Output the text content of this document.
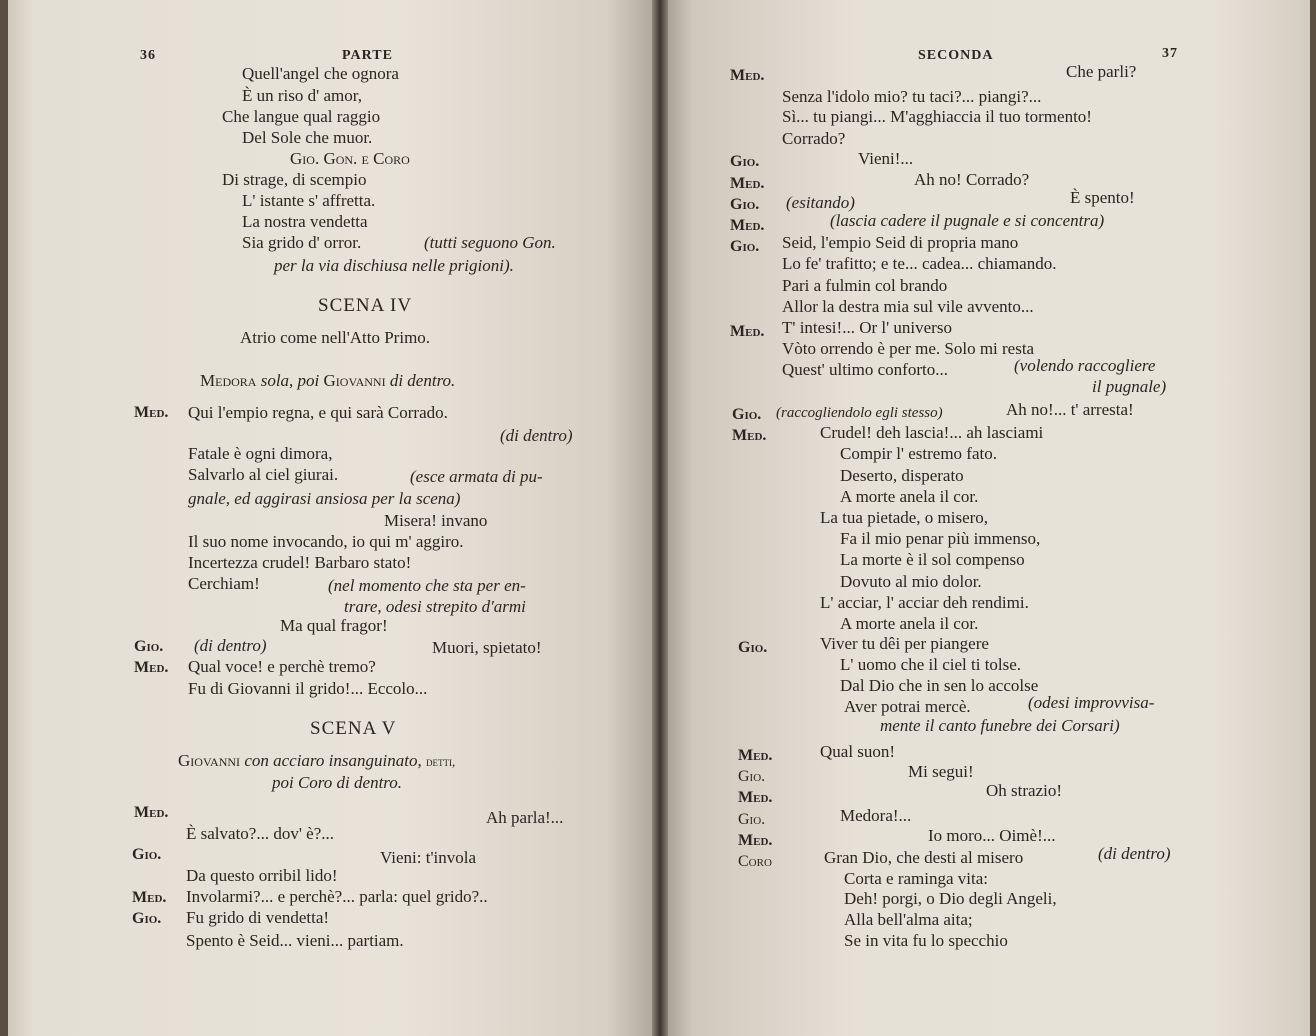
36	PARTE
Quell'angel che ognora
È un riso d' amor,
Che langue qual raggio
Del Sole che muor.
Gio. Gon. e Coro
Di strage, di scempio
L' istante s' affretta.
La nostra vendetta
Sia grido d' orror.	(tutti seguono Gon.
per la via dischiusa nelle prigioni).
SCENA IV
Atrio come nell'Atto Primo.
Medora sola, poi Giovanni di dentro.
Med. Qui l'empio regna, e qui sarà Corrado.
(di dentro)
Fatale è ogni dimora,
Salvarlo al ciel giurai.	(esce armata di pu-
gnale, ed aggirasi ansiosa per la scena)
Misera! invano
Il suo nome invocando, io qui m' aggiro.
Incertezza crudel! Barbaro stato!
Cerchiam!	(nel momento che sta per en-
trare, odesi strepito d'armi
Ma qual fragor!
Gio. (di dentro)	Muori, spietato!
Med. Qual voce! e perchè tremo?
Fu di Giovanni il grido!... Eccolo...
SCENA V
Giovanni con acciaro insanguinato, detti,
poi Coro di dentro.
Med.	Ah parla!...
È salvato?... dov' è?...
Gio.	Vieni: t'invola
Da questo orribil lido!
Med. Involarmi?... e perchè?... parla: quel grido?..
Gio. Fu grido di vendetta!
Spento è Seid... vieni... partiam.
SECONDA	37
Med.	Che parli?
Senza l'idolo mio? tu taci?... piangi?...
Sì... tu piangi... M'agghiaccia il tuo tormento!
Corrado?
Gio.	Vieni!...
Med.	Ah no! Corrado?
Gio. (esitando)	È spento!
Med.	(lascia cadere il pugnale e si concentra)
Gio. Seid, l'empio Seid di propria mano
Lo fe' trafitto; e te... cadea... chiamando.
Pari a fulmin col brando
Allor la destra mia sul vile avvento...
Med. T' intesi!... Or l' universo
Vòto orrendo è per me. Solo mi resta
Quest' ultimo conforto...	(volendo raccogliere
il pugnale)
Gio. (raccogliendolo egli stesso)	Ah no!... t' arresta!
Med.	Crudel! deh lascia!... ah lasciami
Compir l' estremo fato.
Deserto, disperato
A morte anela il cor.
La tua pietade, o misero,
Fa il mio penar più immenso,
La morte è il sol compenso
Dovuto al mio dolor.
L' acciar, l' acciar deh rendimi.
A morte anela il cor.
Gio.	Viver tu dêi per piangere
L' uomo che il ciel ti tolse.
Dal Dio che in sen lo accolse
Aver potrai mercè.	(odesi improvvisa-
mente il canto funebre dei Corsari)
Med.	Qual suon!
Gio.	Mi segui!
Med.	Oh strazio!
Gio.	Medora!...
Med.	Io moro... Oimè!...
Coro	Gran Dio, che desti al misero	(di dentro)
Corta e raminga vita:
Deh! porgi, o Dio degli Angeli,
Alla bell'alma aita;
Se in vita fu lo specchio
